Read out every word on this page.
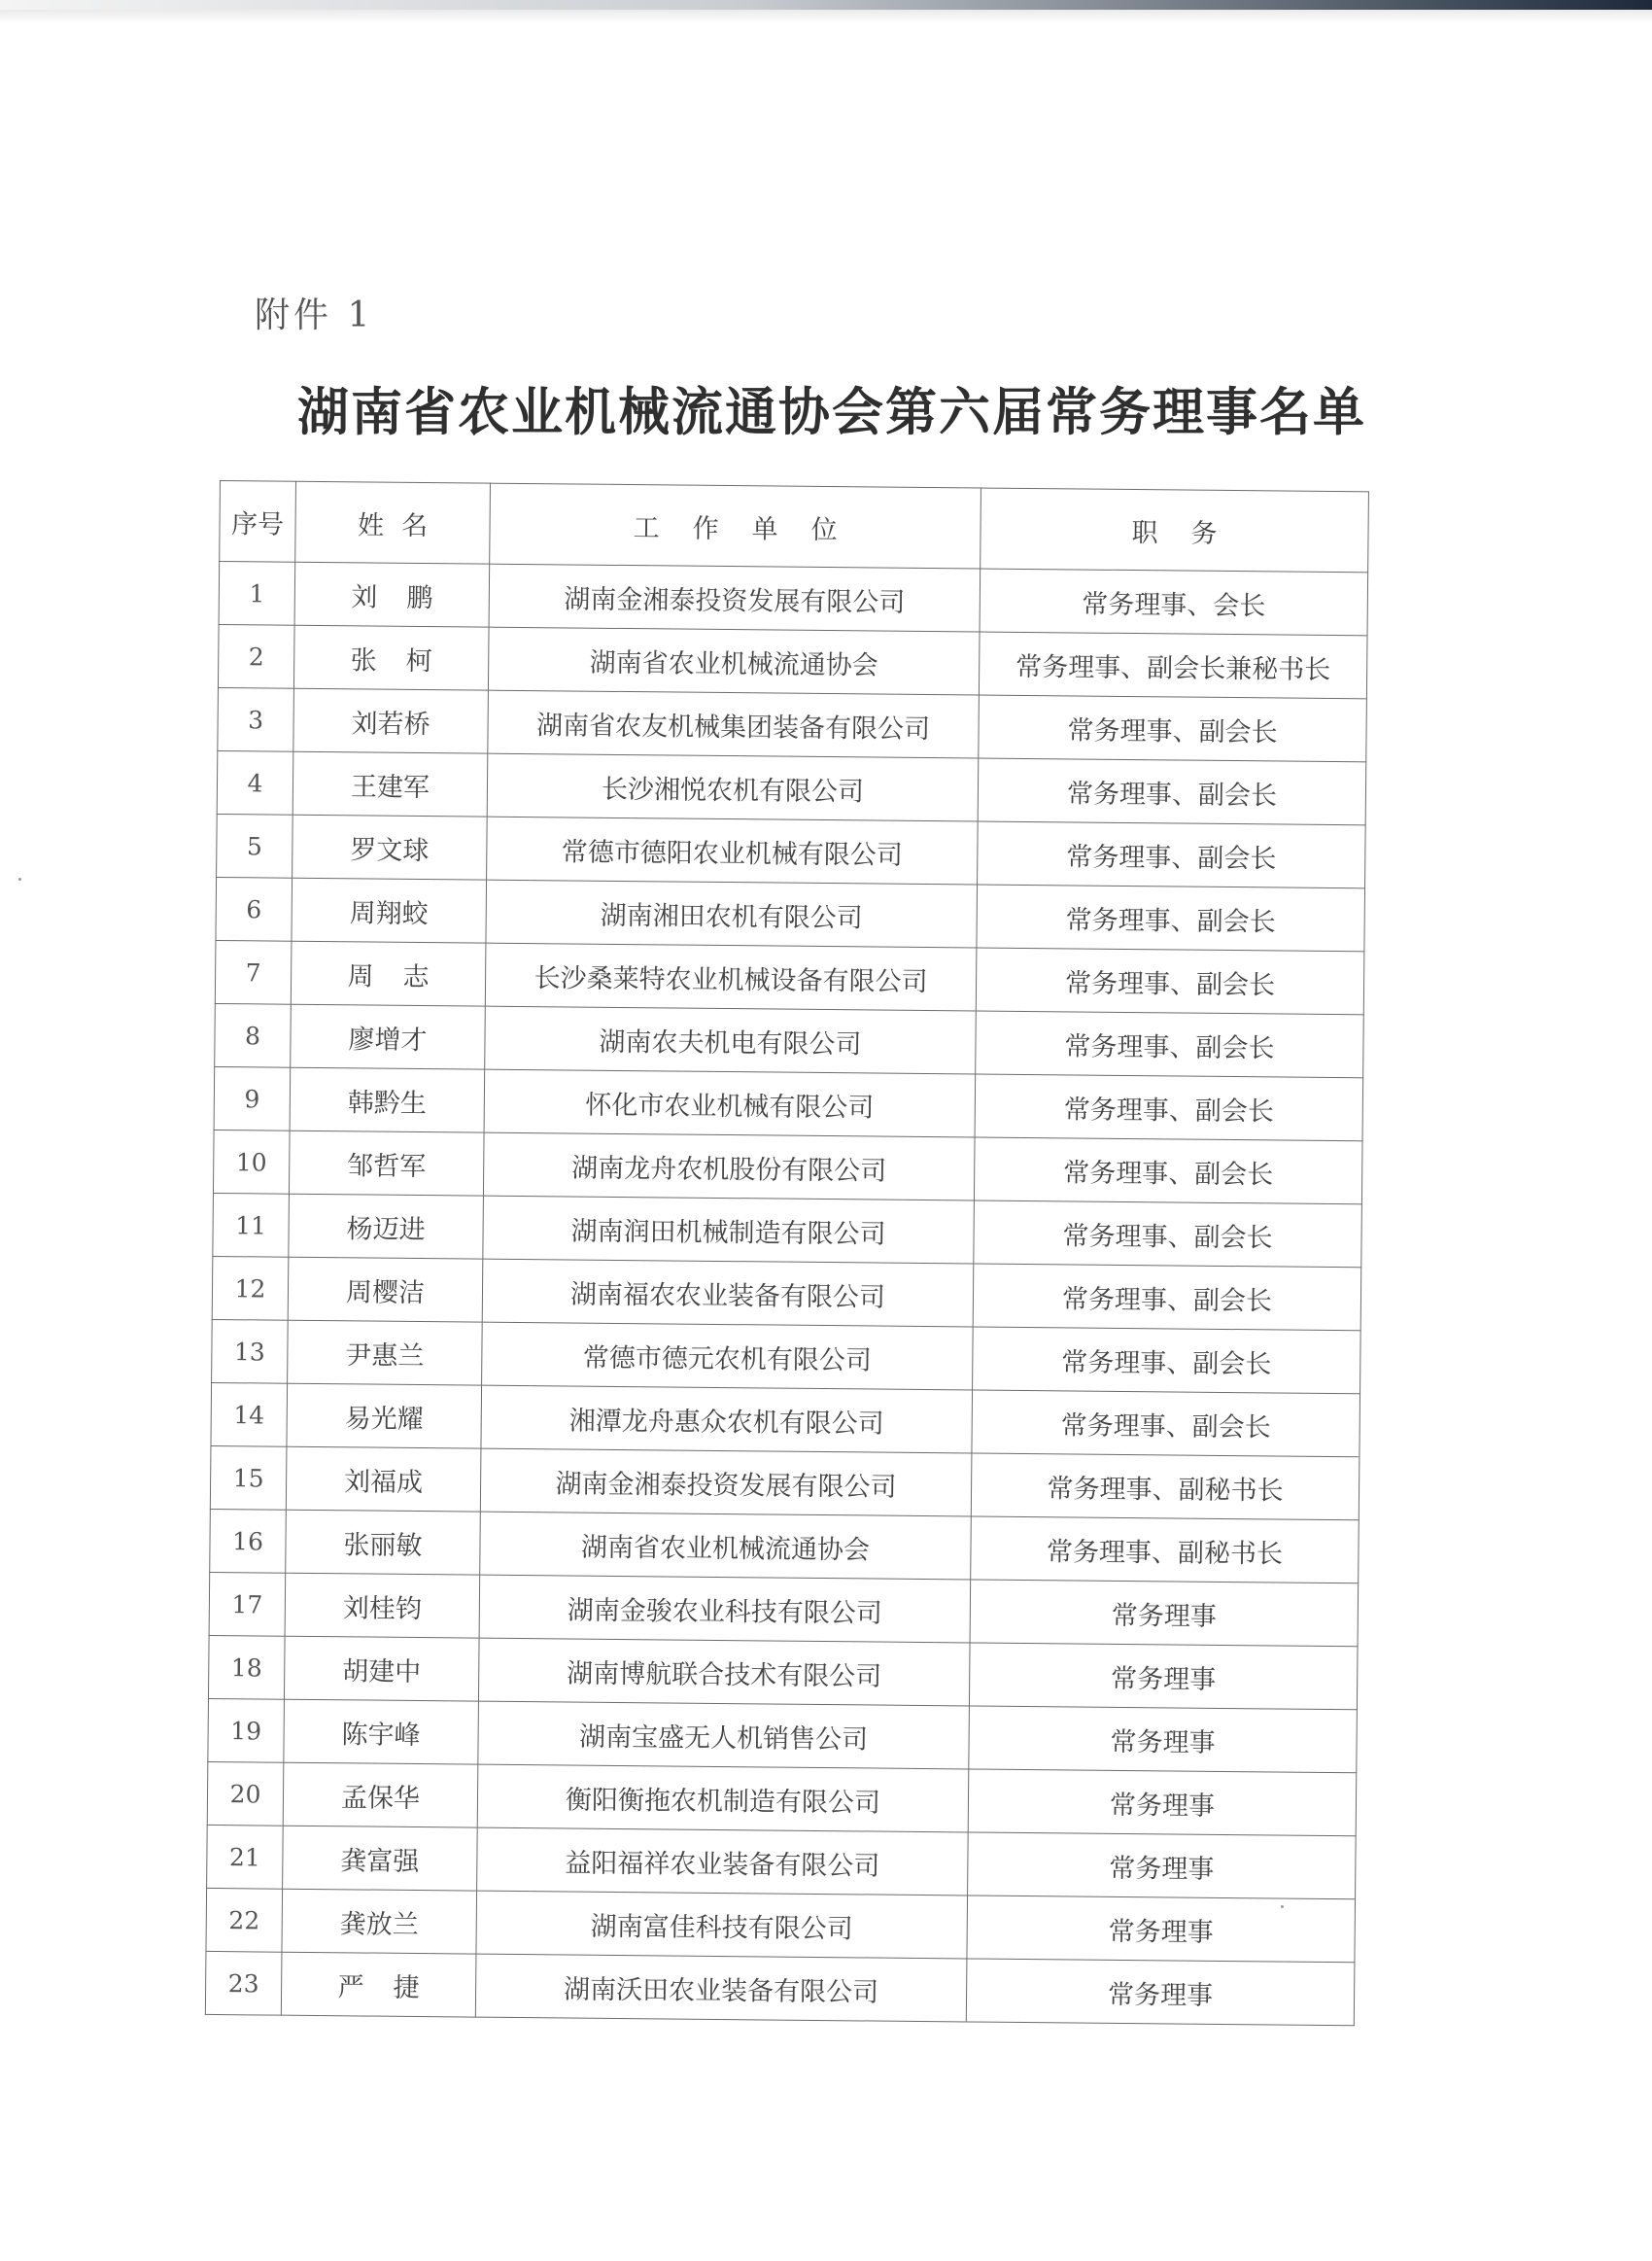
附件 1
湖南省农业机械流通协会第六届常务理事名单
序号	姓名	工作单位	职务
1	刘鹏	湖南金湘泰投资发展有限公司	常务理事、会长
2	张柯	湖南省农业机械流通协会	常务理事、副会长兼秘书长
3	刘若桥	湖南省农友机械集团装备有限公司	常务理事、副会长
4	王建军	长沙湘悦农机有限公司	常务理事、副会长
5	罗文球	常德市德阳农业机械有限公司	常务理事、副会长
6	周翔蛟	湖南湘田农机有限公司	常务理事、副会长
7	周志	长沙桑莱特农业机械设备有限公司	常务理事、副会长
8	廖增才	湖南农夫机电有限公司	常务理事、副会长
9	韩黔生	怀化市农业机械有限公司	常务理事、副会长
10	邹哲军	湖南龙舟农机股份有限公司	常务理事、副会长
11	杨迈进	湖南润田机械制造有限公司	常务理事、副会长
12	周樱洁	湖南福农农业装备有限公司	常务理事、副会长
13	尹惠兰	常德市德元农机有限公司	常务理事、副会长
14	易光耀	湘潭龙舟惠众农机有限公司	常务理事、副会长
15	刘福成	湖南金湘泰投资发展有限公司	常务理事、副秘书长
16	张丽敏	湖南省农业机械流通协会	常务理事、副秘书长
17	刘桂钧	湖南金骏农业科技有限公司	常务理事
18	胡建中	湖南博航联合技术有限公司	常务理事
19	陈宇峰	湖南宝盛无人机销售公司	常务理事
20	孟保华	衡阳衡拖农机制造有限公司	常务理事
21	龚富强	益阳福祥农业装备有限公司	常务理事
22	龚放兰	湖南富佳科技有限公司	常务理事
23	严捷	湖南沃田农业装备有限公司	常务理事
